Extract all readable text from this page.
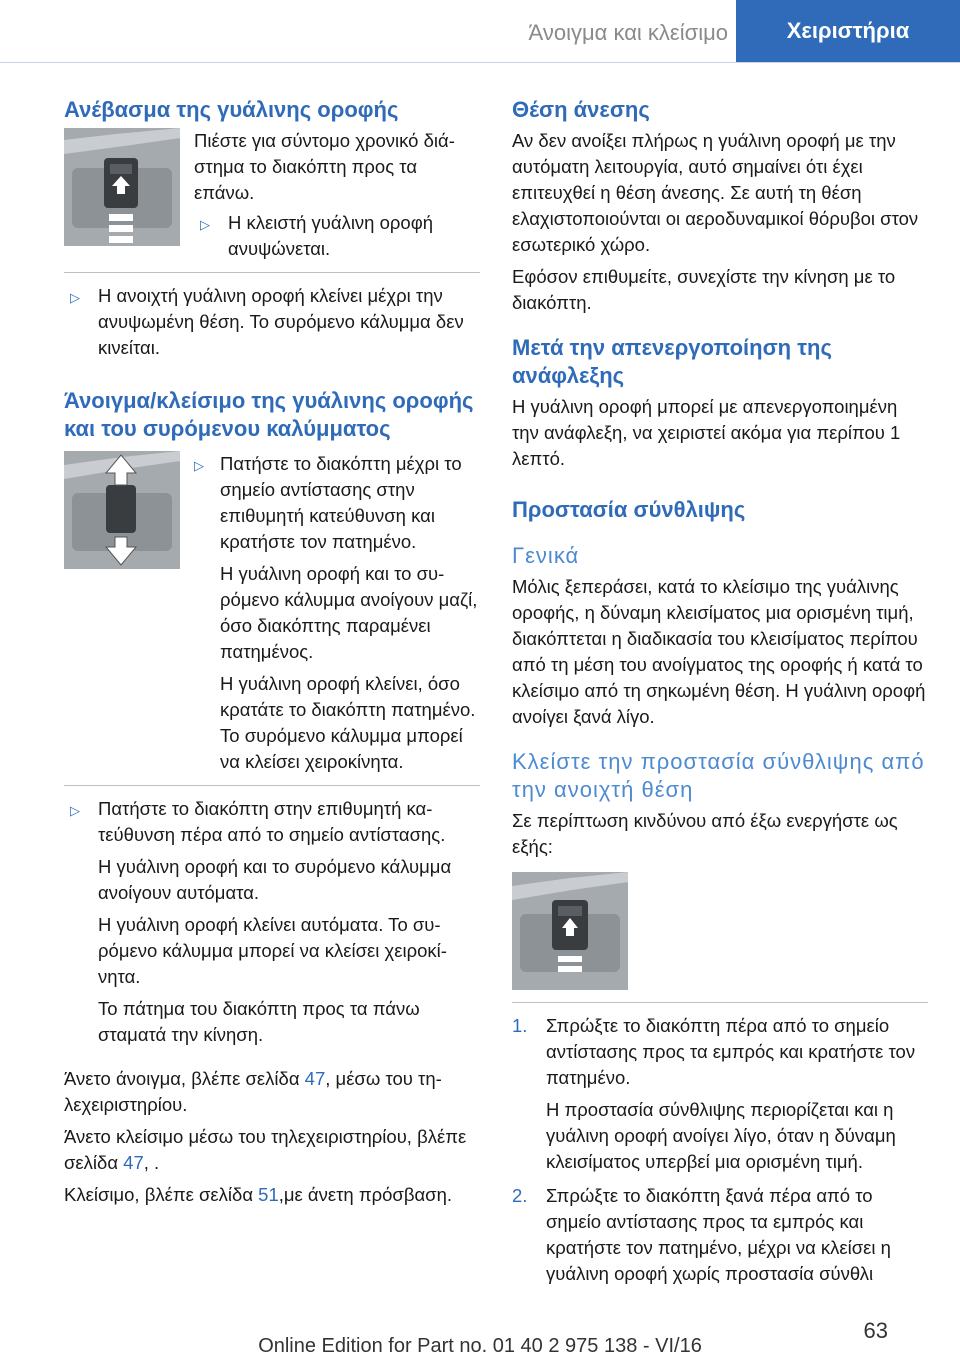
Άνοιγμα και κλείσιμο	Χειριστήρια
Ανέβασμα της γυάλινης οροφής

Πιέστε για σύντομο χρονικό διάστημα το διακόπτη προς τα επάνω.

▷ Η κλειστή γυάλινη οροφή ανυψώνεται.
▷ Η ανοιχτή γυάλινη οροφή κλείνει μέχρι την ανυψωμένη θέση. Το συρόμενο κάλυμμα δεν κινείται.
Άνοιγμα/κλείσιμο της γυάλινης οροφής και του συρόμενου καλύμματος
▷ Πατήστε το διακόπτη μέχρι το σημείο αντίστασης στην επιθυμητή κατεύθυνση και κρατήστε τον πατημένο.

Η γυάλινη οροφή και το συρόμενο κάλυμμα ανοίγουν μαζί, όσο διακόπτης παραμένει πατημένος.

Η γυάλινη οροφή κλείνει, όσο κρατάτε το διακόπτη πατημένο. Το συρόμενο κάλυμμα μπορεί να κλείσει χειροκίνητα.

▷ Πατήστε το διακόπτη στην επιθυμητή κατεύθυνση πέρα από το σημείο αντίστασης.

Η γυάλινη οροφή και το συρόμενο κάλυμμα ανοίγουν αυτόματα.

Η γυάλινη οροφή κλείνει αυτόματα. Το συρόμενο κάλυμμα μπορεί να κλείσει χειροκίνητα.

Το πάτημα του διακόπτη προς τα πάνω σταματά την κίνηση.

Άνετο άνοιγμα, βλέπε σελίδα 47, μέσω του τηλεχειριστηρίου.

Άνετο κλείσιμο μέσω του τηλεχειριστηρίου, βλέπε σελίδα 47, .

Κλείσιμο, βλέπε σελίδα 51,με άνετη πρόσβαση.

Θέση άνεσης

Αν δεν ανοίξει πλήρως η γυάλινη οροφή με την αυτόματη λειτουργία, αυτό σημαίνει ότι έχει επιτευχθεί η θέση άνεσης. Σε αυτή τη θέση ελαχιστοποιούνται οι αεροδυναμικοί θόρυβοι στον εσωτερικό χώρο.

Εφόσον επιθυμείτε, συνεχίστε την κίνηση με το διακόπτη.

Μετά την απενεργοποίηση της ανάφλεξης

Η γυάλινη οροφή μπορεί με απενεργοποιημένη την ανάφλεξη, να χειριστεί ακόμα για περίπου 1 λεπτό.

Προστασία σύνθλιψης
Γενικά

Μόλις ξεπεράσει, κατά το κλείσιμο της γυάλινης οροφής, η δύναμη κλεισίματος μια ορισμένη τιμή, διακόπτεται η διαδικασία του κλεισίματος περίπου από τη μέση του ανοίγματος της οροφής ή κατά το κλείσιμο από τη σηκωμένη θέση. Η γυάλινη οροφή ανοίγει ξανά λίγο.

Κλείστε την προστασία σύνθλιψης από την ανοιχτή θέση

Σε περίπτωση κινδύνου από έξω ενεργήστε ως εξής:

1. Σπρώξτε το διακόπτη πέρα από το σημείο αντίστασης προς τα εμπρός και κρατήστε τον πατημένο.

Η προστασία σύνθλιψης περιορίζεται και η γυάλινη οροφή ανοίγει λίγο, όταν η δύναμη κλεισίματος υπερβεί μια ορισμένη τιμή.

2. Σπρώξτε το διακόπτη ξανά πέρα από το σημείο αντίστασης προς τα εμπρός και κρατήστε τον πατημένο, μέχρι να κλείσει η γυάλινη οροφή χωρίς προστασία σύνθλι
63
Online Edition for Part no. 01 40 2 975 138 - VI/16
